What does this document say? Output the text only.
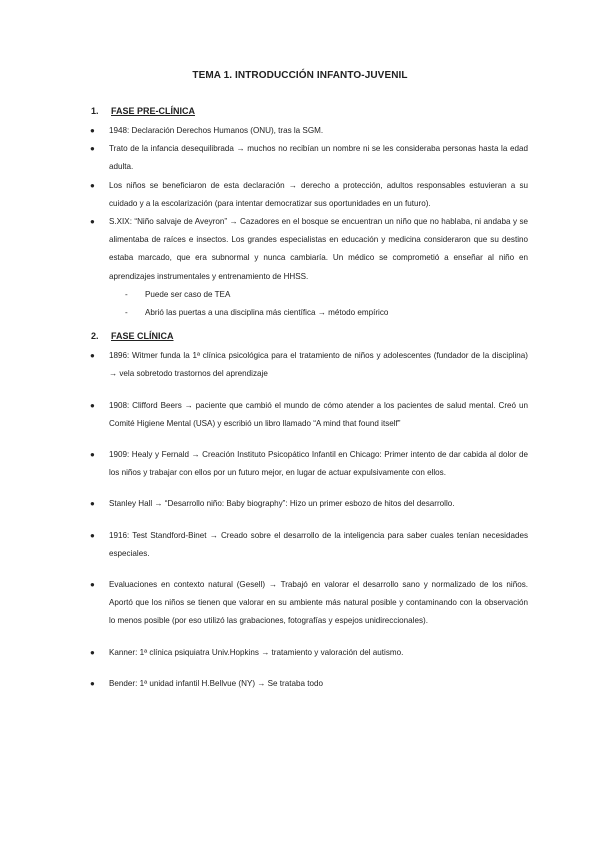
TEMA 1. INTRODUCCIÓN INFANTO-JUVENIL
1.	FASE PRE-CLÍNICA
● 1948: Declaración Derechos Humanos (ONU), tras la SGM.
● Trato de la infancia desequilibrada → muchos no recibían un nombre ni se les consideraba personas hasta la edad adulta.
● Los niños se beneficiaron de esta declaración → derecho a protección, adultos responsables estuvieran a su cuidado y a la escolarización (para intentar democratizar sus oportunidades en un futuro).
● S.XIX: “Niño salvaje de Aveyron” → Cazadores en el bosque se encuentran un niño que no hablaba, ni andaba y se alimentaba de raíces e insectos. Los grandes especialistas en educación y medicina consideraron que su destino estaba marcado, que era subnormal y nunca cambiaría. Un médico se comprometió a enseñar al niño en aprendizajes instrumentales y entrenamiento de HHSS.
- Puede ser caso de TEA
- Abrió las puertas a una disciplina más científica → método empírico
2.	FASE CLÍNICA
● 1896: Witmer funda la 1ª clínica psicológica para el tratamiento de niños y adolescentes (fundador de la disciplina) → vela sobretodo trastornos del aprendizaje
● 1908: Clifford Beers → paciente que cambió el mundo de cómo atender a los pacientes de salud mental. Creó un Comité Higiene Mental (USA) y escribió un libro llamado “A mind that found itself”
● 1909: Healy y Fernald → Creación Instituto Psicopático Infantil en Chicago: Primer intento de dar cabida al dolor de los niños y trabajar con ellos por un futuro mejor, en lugar de actuar expulsivamente con ellos.
● Stanley Hall → “Desarrollo niño: Baby biography”: Hizo un primer esbozo de hitos del desarrollo.
● 1916: Test Standford-Binet → Creado sobre el desarrollo de la inteligencia para saber cuales tenían necesidades especiales.
● Evaluaciones en contexto natural (Gesell) → Trabajó en valorar el desarrollo sano y normalizado de los niños. Aportó que los niños se tienen que valorar en su ambiente más natural posible y contaminando con la observación lo menos posible (por eso utilizó las grabaciones, fotografías y espejos unidireccionales).
● Kanner: 1ª clínica psiquiatra Univ.Hopkins → tratamiento y valoración del autismo.
● Bender: 1ª unidad infantil H.Bellvue (NY) → Se trataba todo
